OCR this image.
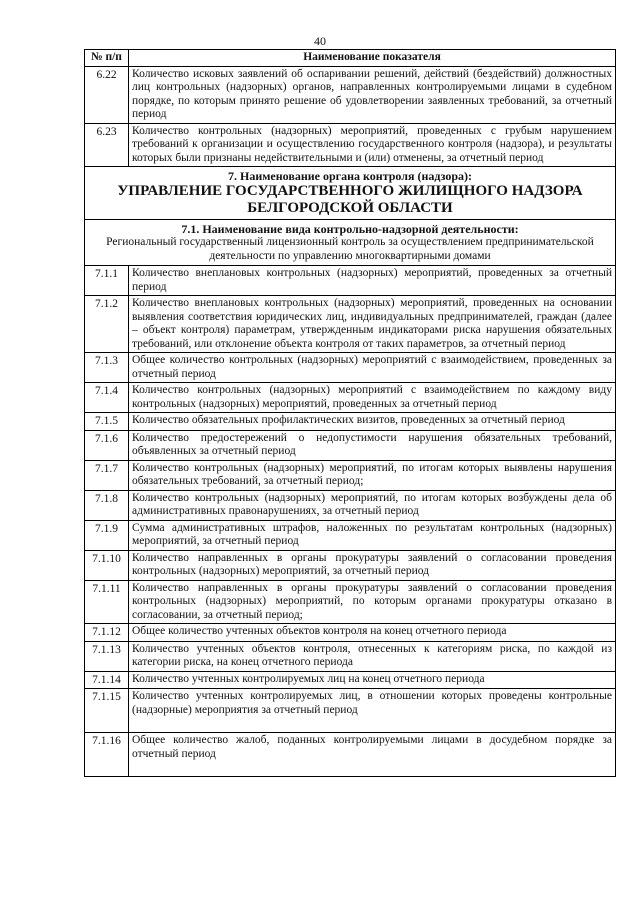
40
№ п/п	Наименование показателя
6.22	Количество исковых заявлений об оспаривании решений, действий (бездействий) должностных лиц контрольных (надзорных) органов, направленных контролируемыми лицами в судебном порядке, по которым принято решение об удовлетворении заявленных требований, за отчетный период
6.23	Количество контрольных (надзорных) мероприятий, проведенных с грубым нарушением требований к организации и осуществлению государственного контроля (надзора), и результаты которых были признаны недействительными и (или) отменены, за отчетный период

7. Наименование органа контроля (надзора):
УПРАВЛЕНИЕ ГОСУДАРСТВЕННОГО ЖИЛИЩНОГО НАДЗОРА
БЕЛГОРОДСКОЙ ОБЛАСТИ	

7.1. Наименование вида контрольно-надзорной деятельности:
Региональный государственный лицензионный контроль за осуществлением предпринимательской деятельности по управлению многоквартирными домами	

7.1.1	Количество внеплановых контрольных (надзорных) мероприятий, проведенных за отчетный период
7.1.2	Количество внеплановых контрольных (надзорных) мероприятий, проведенных на основании выявления соответствия юридических лиц, индивидуальных предпринимателей, граждан (далее – объект контроля) параметрам, утвержденным индикаторами риска нарушения обязательных требований, или отклонение объекта контроля от таких параметров, за отчетный период
7.1.3	Общее количество контрольных (надзорных) мероприятий с взаимодействием, проведенных за отчетный период
7.1.4	Количество контрольных (надзорных) мероприятий с взаимодействием по каждому виду контрольных (надзорных) мероприятий, проведенных за отчетный период
7.1.5	Количество обязательных профилактических визитов, проведенных за отчетный период
7.1.6	Количество предостережений о недопустимости нарушения обязательных требований, объявленных за отчетный период
7.1.7	Количество контрольных (надзорных) мероприятий, по итогам которых выявлены нарушения обязательных требований, за отчетный период;
7.1.8	Количество контрольных (надзорных) мероприятий, по итогам которых возбуждены дела об административных правонарушениях, за отчетный период
7.1.9	Сумма административных штрафов, наложенных по результатам контрольных (надзорных) мероприятий, за отчетный период
7.1.10	Количество направленных в органы прокуратуры заявлений о согласовании проведения контрольных (надзорных) мероприятий, за отчетный период
7.1.11	Количество направленных в органы прокуратуры заявлений о согласовании проведения контрольных (надзорных) мероприятий, по которым органами прокуратуры отказано в согласовании, за отчетный период;
7.1.12	Общее количество учтенных объектов контроля на конец отчетного периода
7.1.13	Количество учтенных объектов контроля, отнесенных к категориям риска, по каждой из категории риска, на конец отчетного периода
7.1.14	Количество учтенных контролируемых лиц на конец отчетного периода
7.1.15	Количество учтенных контролируемых лиц, в отношении которых проведены контрольные (надзорные) мероприятия за отчетный период
7.1.16	Общее количество жалоб, поданных контролируемыми лицами в досудебном порядке за отчетный период
